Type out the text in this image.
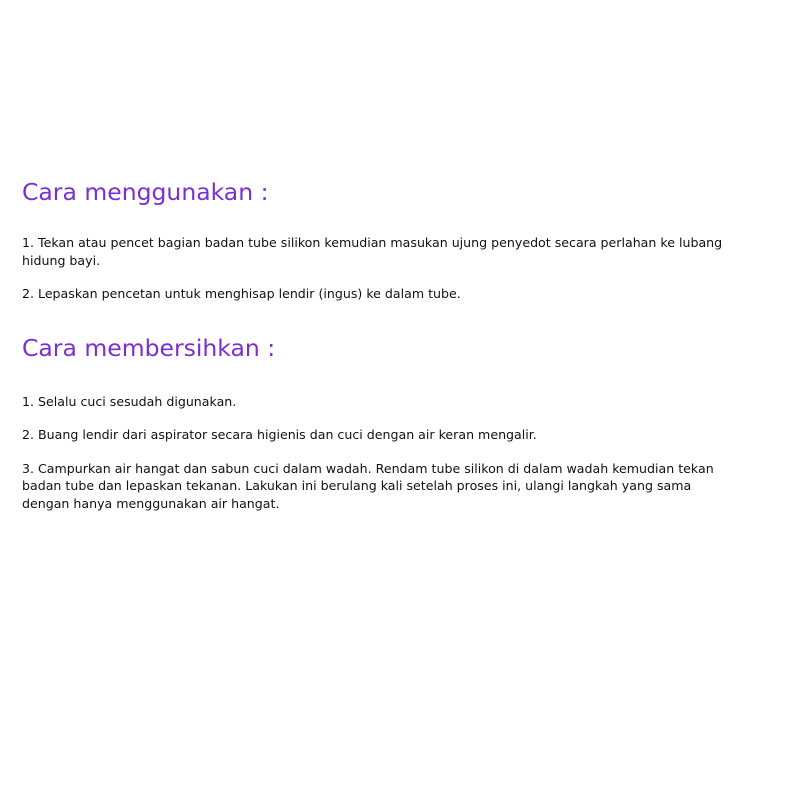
Cara menggunakan :
1. Tekan atau pencet bagian badan tube silikon kemudian masukan ujung penyedot secara perlahan ke lubang hidung bayi.
2. Lepaskan pencetan untuk menghisap lendir (ingus) ke dalam tube.
Cara membersihkan :
1. Selalu cuci sesudah digunakan.
2. Buang lendir dari aspirator secara higienis dan cuci dengan air keran mengalir.
3. Campurkan air hangat dan sabun cuci dalam wadah. Rendam tube silikon di dalam wadah kemudian tekan badan tube dan lepaskan tekanan. Lakukan ini berulang kali setelah proses ini, ulangi langkah yang sama dengan hanya menggunakan air hangat.
